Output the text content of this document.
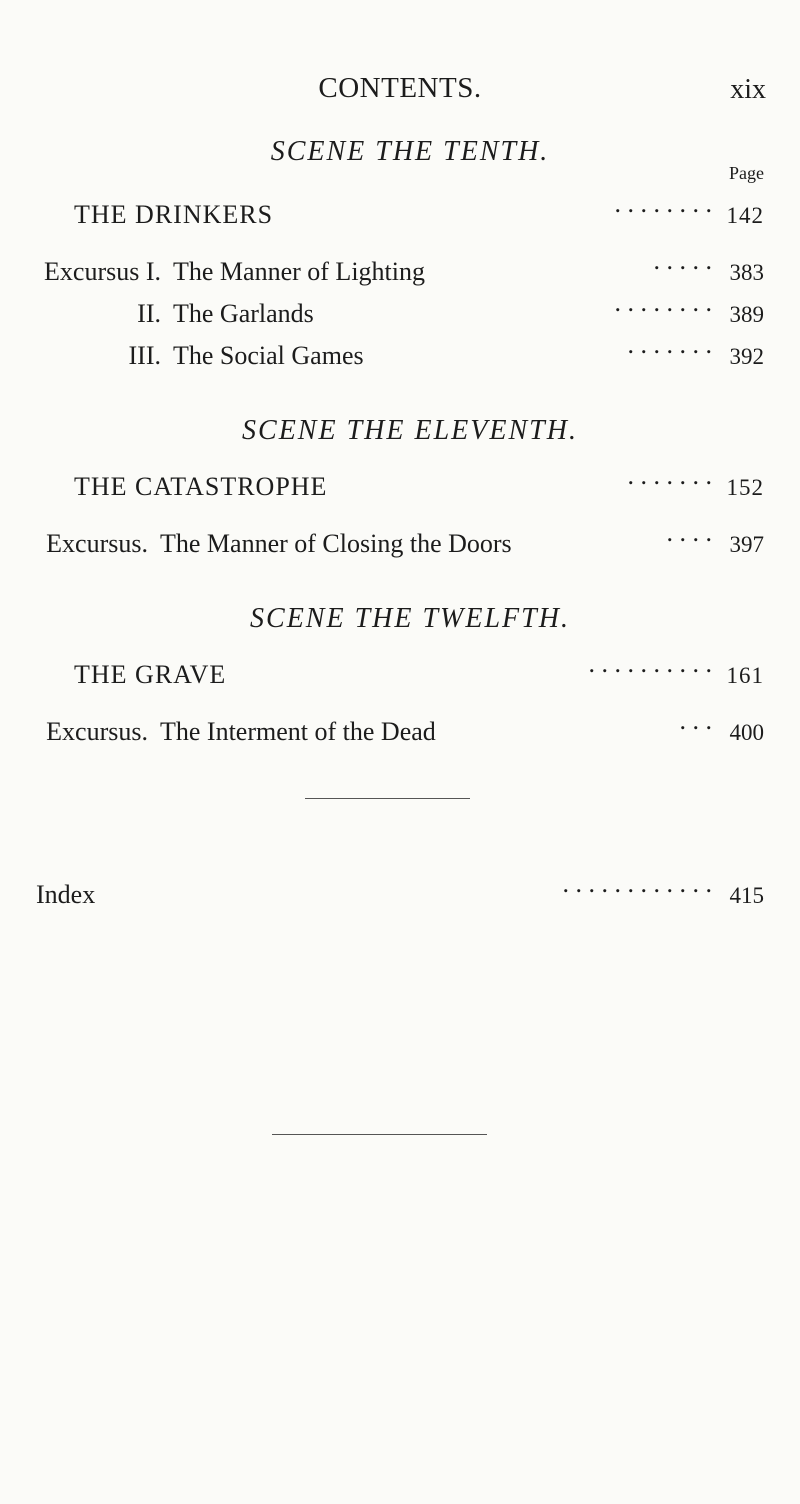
CONTENTS.	xix
SCENE THE TENTH.
Page
THE DRINKERS	. . . . . . . . 142
Excursus I. The Manner of Lighting	. . . . . 383
II. The Garlands	. . . . . . . . 389
III. The Social Games	. . . . . . . 392
SCENE THE ELEVENTH.
THE CATASTROPHE	. . . . . . . 152
Excursus. The Manner of Closing the Doors	. . . . 397
SCENE THE TWELFTH.
THE GRAVE	. . . . . . . . . . 161
Excursus. The Interment of the Dead	. . . 400
Index	. . . . . . . . . . . . 415
